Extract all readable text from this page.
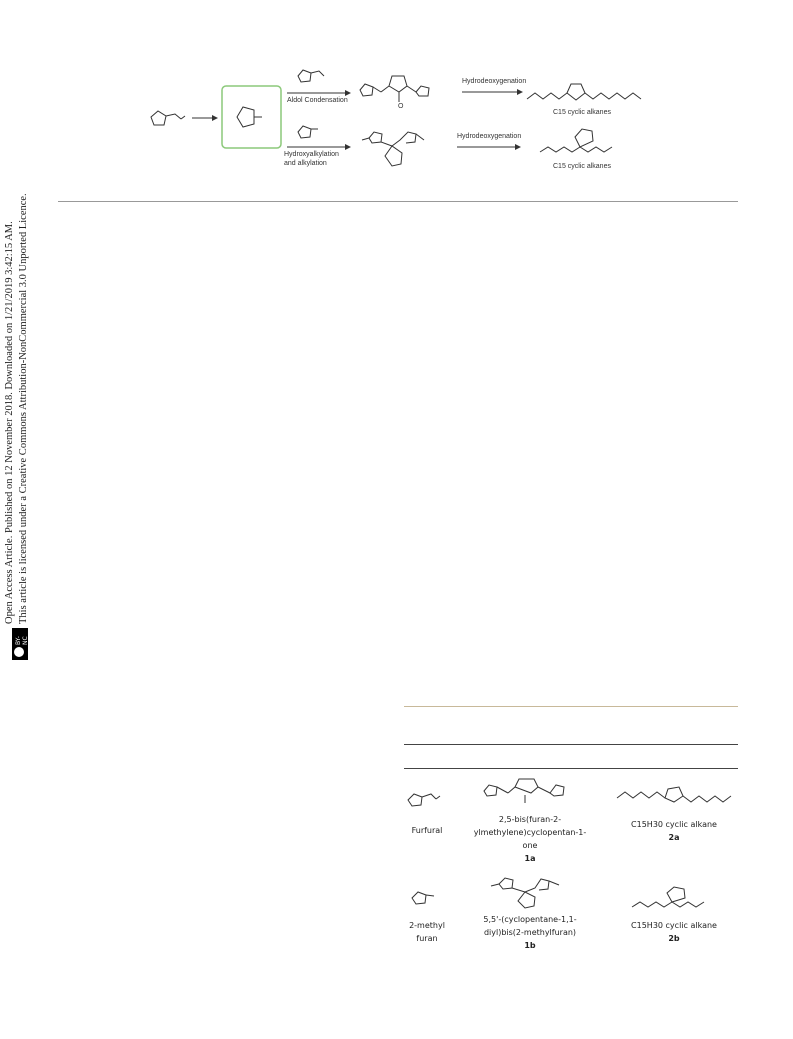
O
Aldol Condensation
Hydroxyalkylation
and alkylation
Hydrodeoxygenation
Hydrodeoxygenation
C15 cyclic alkanes
C15 cyclic alkanes
BY-NC
Open Access Article. Published on 12 November 2018. Downloaded on 1/21/2019 3:42:15 AM. This article is licensed under a Creative Commons Attribution-NonCommercial 3.0 Unported Licence.
Furfural
2,5-bis(furan-2-
ylmethylene)cyclopentan-1-
one
1a
C15H30 cyclic alkane
2a
2-methyl
furan
5,5'-(cyclopentane-1,1-
diyl)bis(2-methylfuran)
1b
C15H30 cyclic alkane
2b
